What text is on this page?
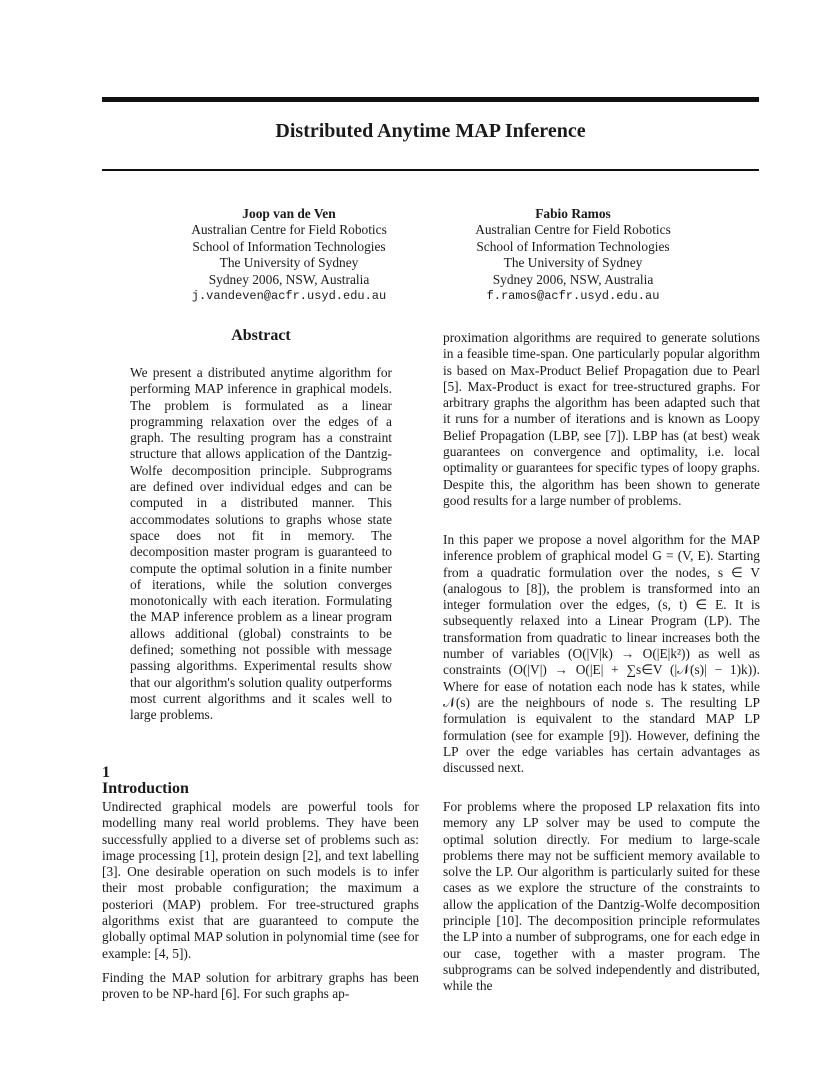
Distributed Anytime MAP Inference
Joop van de Ven
Australian Centre for Field Robotics
School of Information Technologies
The University of Sydney
Sydney 2006, NSW, Australia
j.vandeven@acfr.usyd.edu.au
Fabio Ramos
Australian Centre for Field Robotics
School of Information Technologies
The University of Sydney
Sydney 2006, NSW, Australia
f.ramos@acfr.usyd.edu.au
Abstract

We present a distributed anytime algorithm for performing MAP inference in graphical models. The problem is formulated as a linear programming relaxation over the edges of a graph. The resulting program has a constraint structure that allows application of the Dantzig-Wolfe decomposition principle. Subprograms are defined over individual edges and can be computed in a distributed manner. This accommodates solutions to graphs whose state space does not fit in memory. The decomposition master program is guaranteed to compute the optimal solution in a finite number of iterations, while the solution converges monotonically with each iteration. Formulating the MAP inference problem as a linear program allows additional (global) constraints to be defined; something not possible with message passing algorithms. Experimental results show that our algorithm's solution quality outperforms most current algorithms and it scales well to large problems.

1Introduction

Undirected graphical models are powerful tools for modelling many real world problems. They have been successfully applied to a diverse set of problems such as: image processing [1], protein design [2], and text labelling [3]. One desirable operation on such models is to infer their most probable configuration; the maximum a posteriori (MAP) problem. For tree-structured graphs algorithms exist that are guaranteed to compute the globally optimal MAP solution in polynomial time (see for example: [4, 5]).

Finding the MAP solution for arbitrary graphs has been proven to be NP-hard [6]. For such graphs ap-

proximation algorithms are required to generate solutions in a feasible time-span. One particularly popular algorithm is based on Max-Product Belief Propagation due to Pearl [5]. Max-Product is exact for tree-structured graphs. For arbitrary graphs the algorithm has been adapted such that it runs for a number of iterations and is known as Loopy Belief Propagation (LBP, see [7]). LBP has (at best) weak guarantees on convergence and optimality, i.e. local optimality or guarantees for specific types of loopy graphs. Despite this, the algorithm has been shown to generate good results for a large number of problems.

In this paper we propose a novel algorithm for the MAP inference problem of graphical model G = (V, E). Starting from a quadratic formulation over the nodes, s ∈ V (analogous to [8]), the problem is transformed into an integer formulation over the edges, (s, t) ∈ E. It is subsequently relaxed into a Linear Program (LP). The transformation from quadratic to linear increases both the number of variables (O(|V|k) → O(|E|k²)) as well as constraints (O(|V|) → O(|E| + ∑s∈V (|𝒩(s)| − 1)k)). Where for ease of notation each node has k states, while 𝒩(s) are the neighbours of node s. The resulting LP formulation is equivalent to the standard MAP LP formulation (see for example [9]). However, defining the LP over the edge variables has certain advantages as discussed next.

For problems where the proposed LP relaxation fits into memory any LP solver may be used to compute the optimal solution directly. For medium to large-scale problems there may not be sufficient memory available to solve the LP. Our algorithm is particularly suited for these cases as we explore the structure of the constraints to allow the application of the Dantzig-Wolfe decomposition principle [10]. The decomposition principle reformulates the LP into a number of subprograms, one for each edge in our case, together with a master program. The subprograms can be solved independently and distributed, while the
